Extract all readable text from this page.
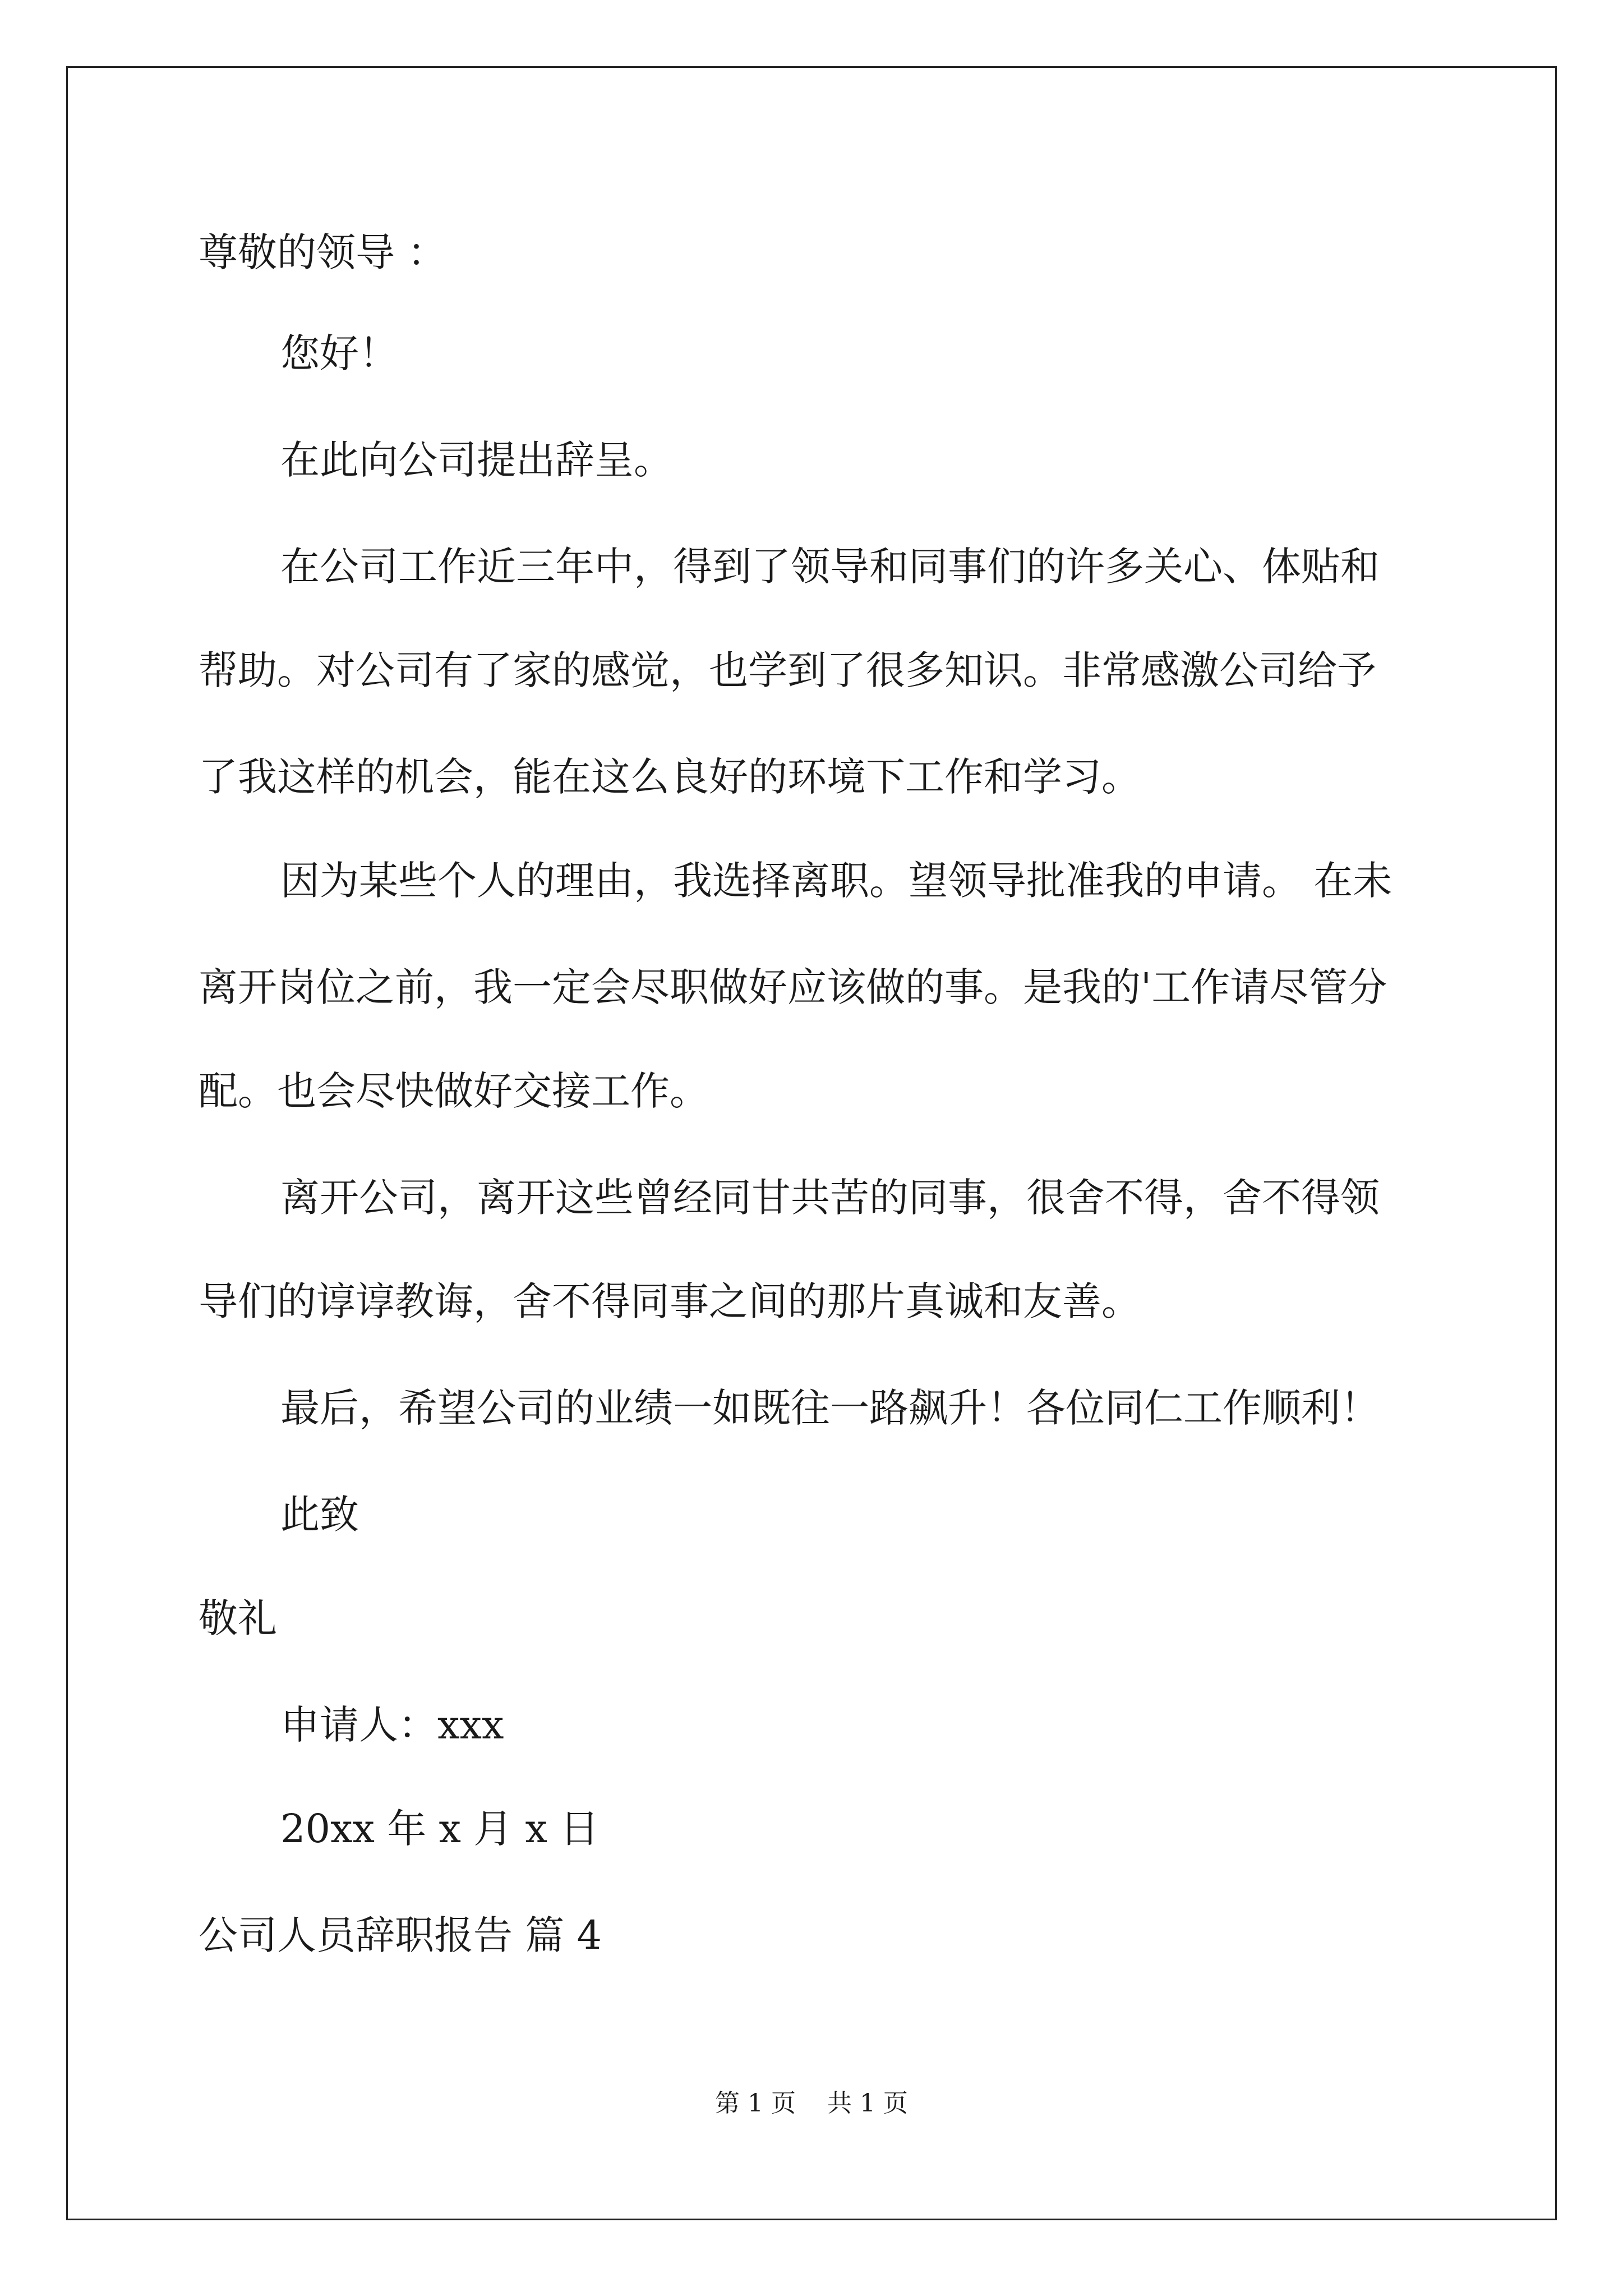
尊敬的领导 ：
您好！
在此向公司提出辞呈。
在公司工作近三年中，得到了领导和同事们的许多关心、体贴和
帮助。对公司有了家的感觉，也学到了很多知识。非常感激公司给予
了我这样的机会，能在这么良好的环境下工作和学习。
因为某些个人的理由，我选择离职。望领导批准我的申请。 在未
离开岗位之前，我一定会尽职做好应该做的事。是我的'工作请尽管分
配。也会尽快做好交接工作。
离开公司，离开这些曾经同甘共苦的同事，很舍不得，舍不得领
导们的谆谆教诲，舍不得同事之间的那片真诚和友善。
最后，希望公司的业绩一如既往一路飙升！各位同仁工作顺利！
此致
敬礼
申请人：xxx
20xx 年 x 月 x 日
公司人员辞职报告 篇 4
第 1 页    共 1 页
